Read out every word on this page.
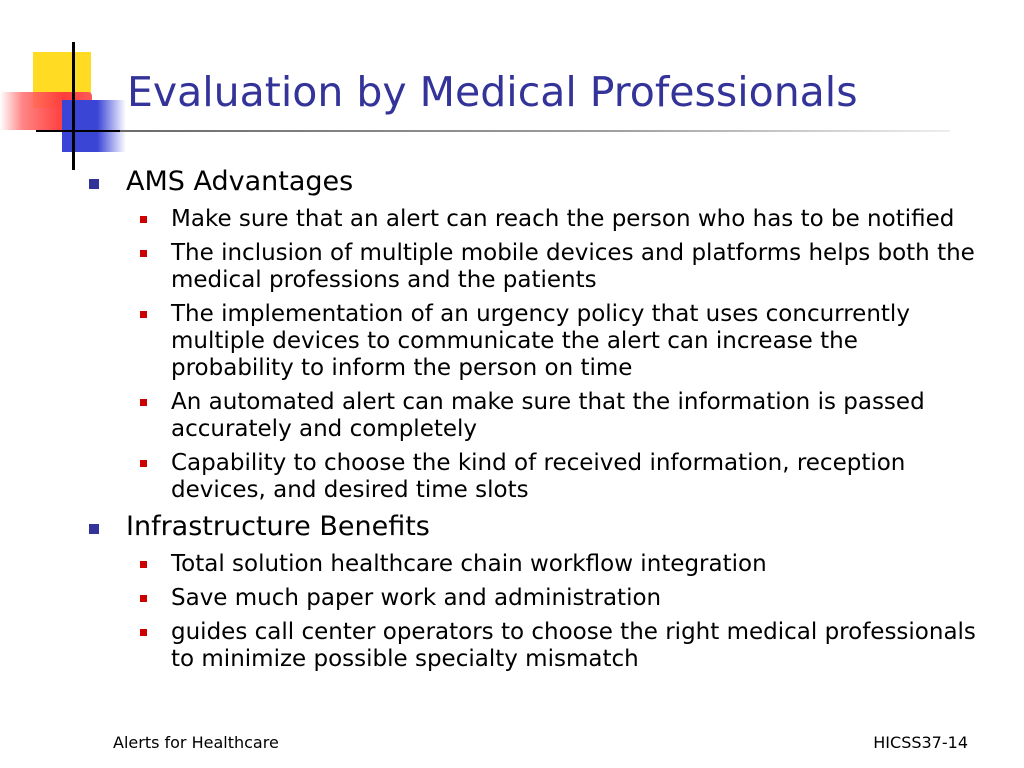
Evaluation by Medical Professionals
AMS Advantages
Make sure that an alert can reach the person who has to be notified
The inclusion of multiple mobile devices and platforms helps both the medical professions and the patients
The implementation of an urgency policy that uses concurrently multiple devices to communicate the alert can increase the probability to inform the person on time
An automated alert can make sure that the information is passed accurately and completely
Capability to choose the kind of received information, reception devices, and desired time slots
Infrastructure Benefits
Total solution healthcare chain workflow integration
Save much paper work and administration
guides call center operators to choose the right medical professionals to minimize possible specialty mismatch
Alerts for Healthcare	HICSS37-14
